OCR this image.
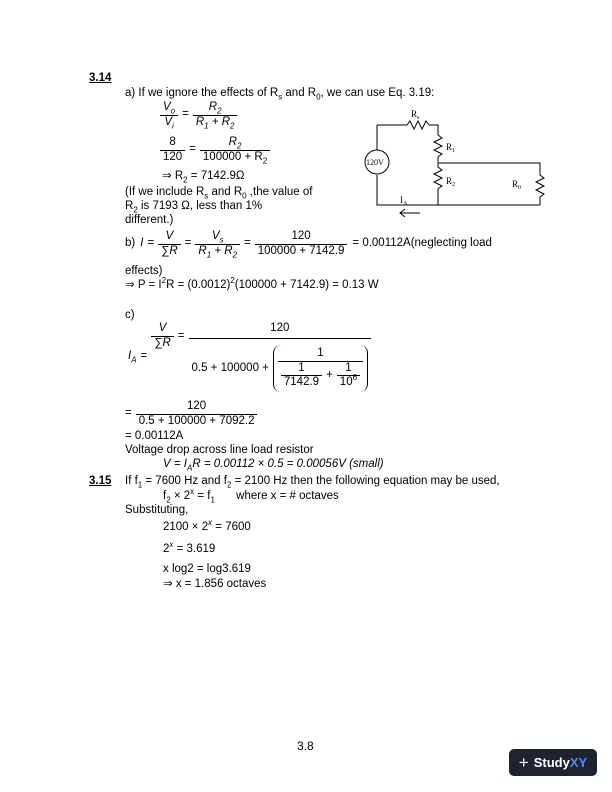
3.14
a) If we ignore the effects of $R_s$ and $R_0$, we can use Eq. 3.19:
$\frac{V_o}{V_i} = \frac{R_2}{R_1 + R_2}$
$\frac{8}{120} = \frac{R_2}{100000 + R_2}$
⇒ $R_2 = 7142.9\Omega$
(If we include $R_s$ and $R_0$ ,the value of
$R_2$ is 7193 Ω, less than 1%
different.)
$R_s$
$R_1$
$R_2$	$R_0$
120V
$I_A$
b) $I = \frac{V}{\sum R} = \frac{V_s}{R_1 + R_2} = \frac{120}{100000 + 7142.9}$ = 0.00112A(neglecting load
effects)
⇒ $P = I^2R = (0.0012)^2(100000 + 7142.9) = 0.13$ W
c)
$I_A$ =
$\frac{V}{\sum R}$ =
120
$0.5 + 100000 + \frac{1}{\frac{1}{7142.9} + \frac{1}{10^6}}$
= $\frac{120}{0.5 + 100000 + 7092.2}$
= 0.00112A
Voltage drop across line load resistor
$V = I_AR = 0.00112 \times 0.5 = 0.00056V$ (small)
3.15 If $f_1 = 7600$ Hz and $f_2 = 2100$ Hz then the following equation may be used,
$f_2 \times 2^x = f_1$ where x = # octaves
Substituting,
$2100 \times 2^x = 7600$
$2^x = 3.619$
x log2 = log3.619
⇒ x = 1.856 octaves
3.8
+ Study XY
